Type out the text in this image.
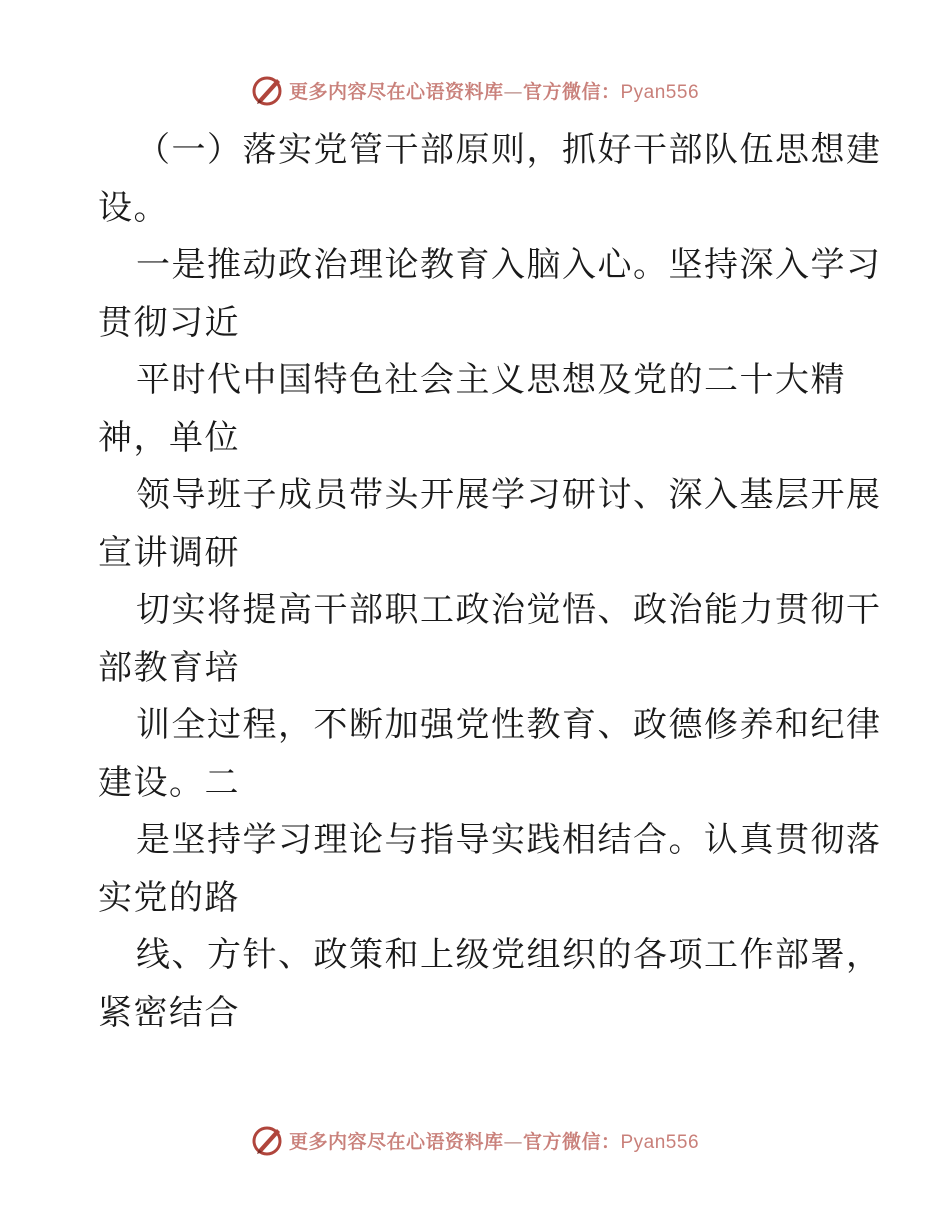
更多内容尽在心语资料库—官方微信：Pyan556
（一）落实党管干部原则，抓好干部队伍思想建
设。
一是推动政治理论教育入脑入心。坚持深入学习
贯彻习近
平时代中国特色社会主义思想及党的二十大精
神，单位
领导班子成员带头开展学习研讨、深入基层开展
宣讲调研
切实将提高干部职工政治觉悟、政治能力贯彻干
部教育培
训全过程，不断加强党性教育、政德修养和纪律
建设。二
是坚持学习理论与指导实践相结合。认真贯彻落
实党的路
线、方针、政策和上级党组织的各项工作部署，
紧密结合
更多内容尽在心语资料库—官方微信：Pyan556
